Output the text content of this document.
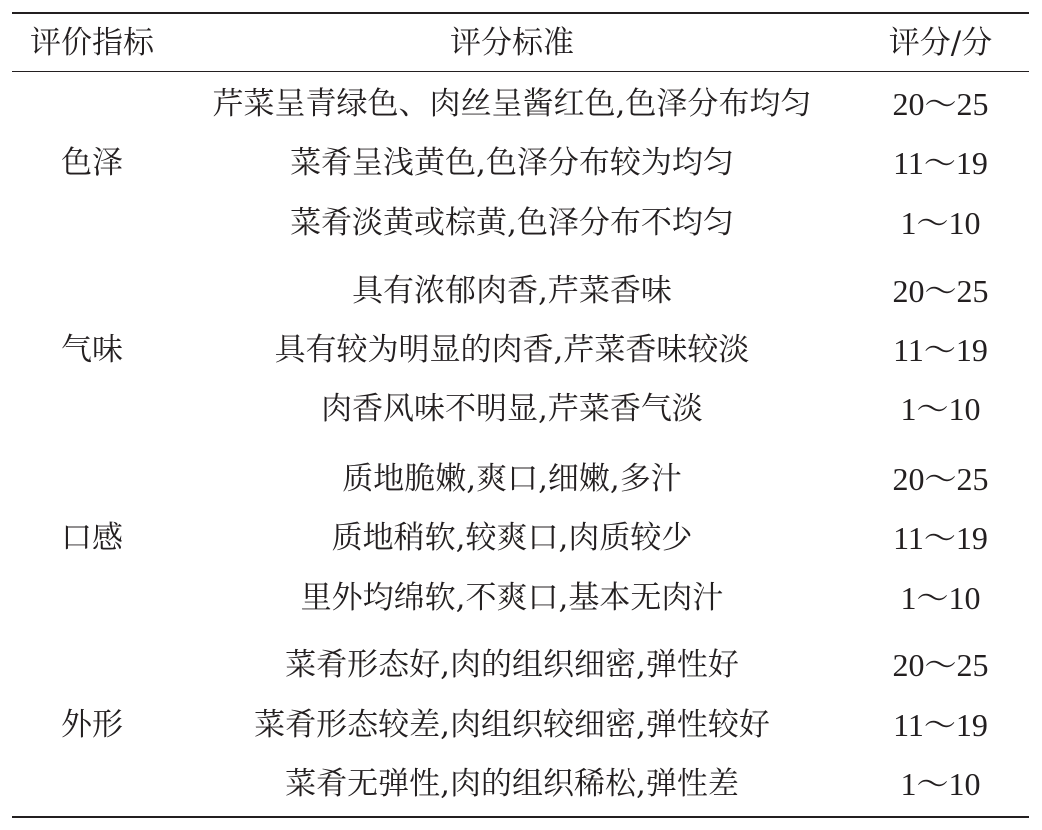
评价指标	评分标准	评分/分
色泽
芹菜呈青绿色、肉丝呈酱红色,色泽分布均匀	20～25
菜肴呈浅黄色,色泽分布较为均匀	11～19
菜肴淡黄或棕黄,色泽分布不均匀	1～10
气味
具有浓郁肉香,芹菜香味	20～25
具有较为明显的肉香,芹菜香味较淡	11～19
肉香风味不明显,芹菜香气淡	1～10
口感
质地脆嫩,爽口,细嫩,多汁	20～25
质地稍软,较爽口,肉质较少	11～19
里外均绵软,不爽口,基本无肉汁	1～10
外形
菜肴形态好,肉的组织细密,弹性好	20～25
菜肴形态较差,肉组织较细密,弹性较好	11～19
菜肴无弹性,肉的组织稀松,弹性差	1～10
